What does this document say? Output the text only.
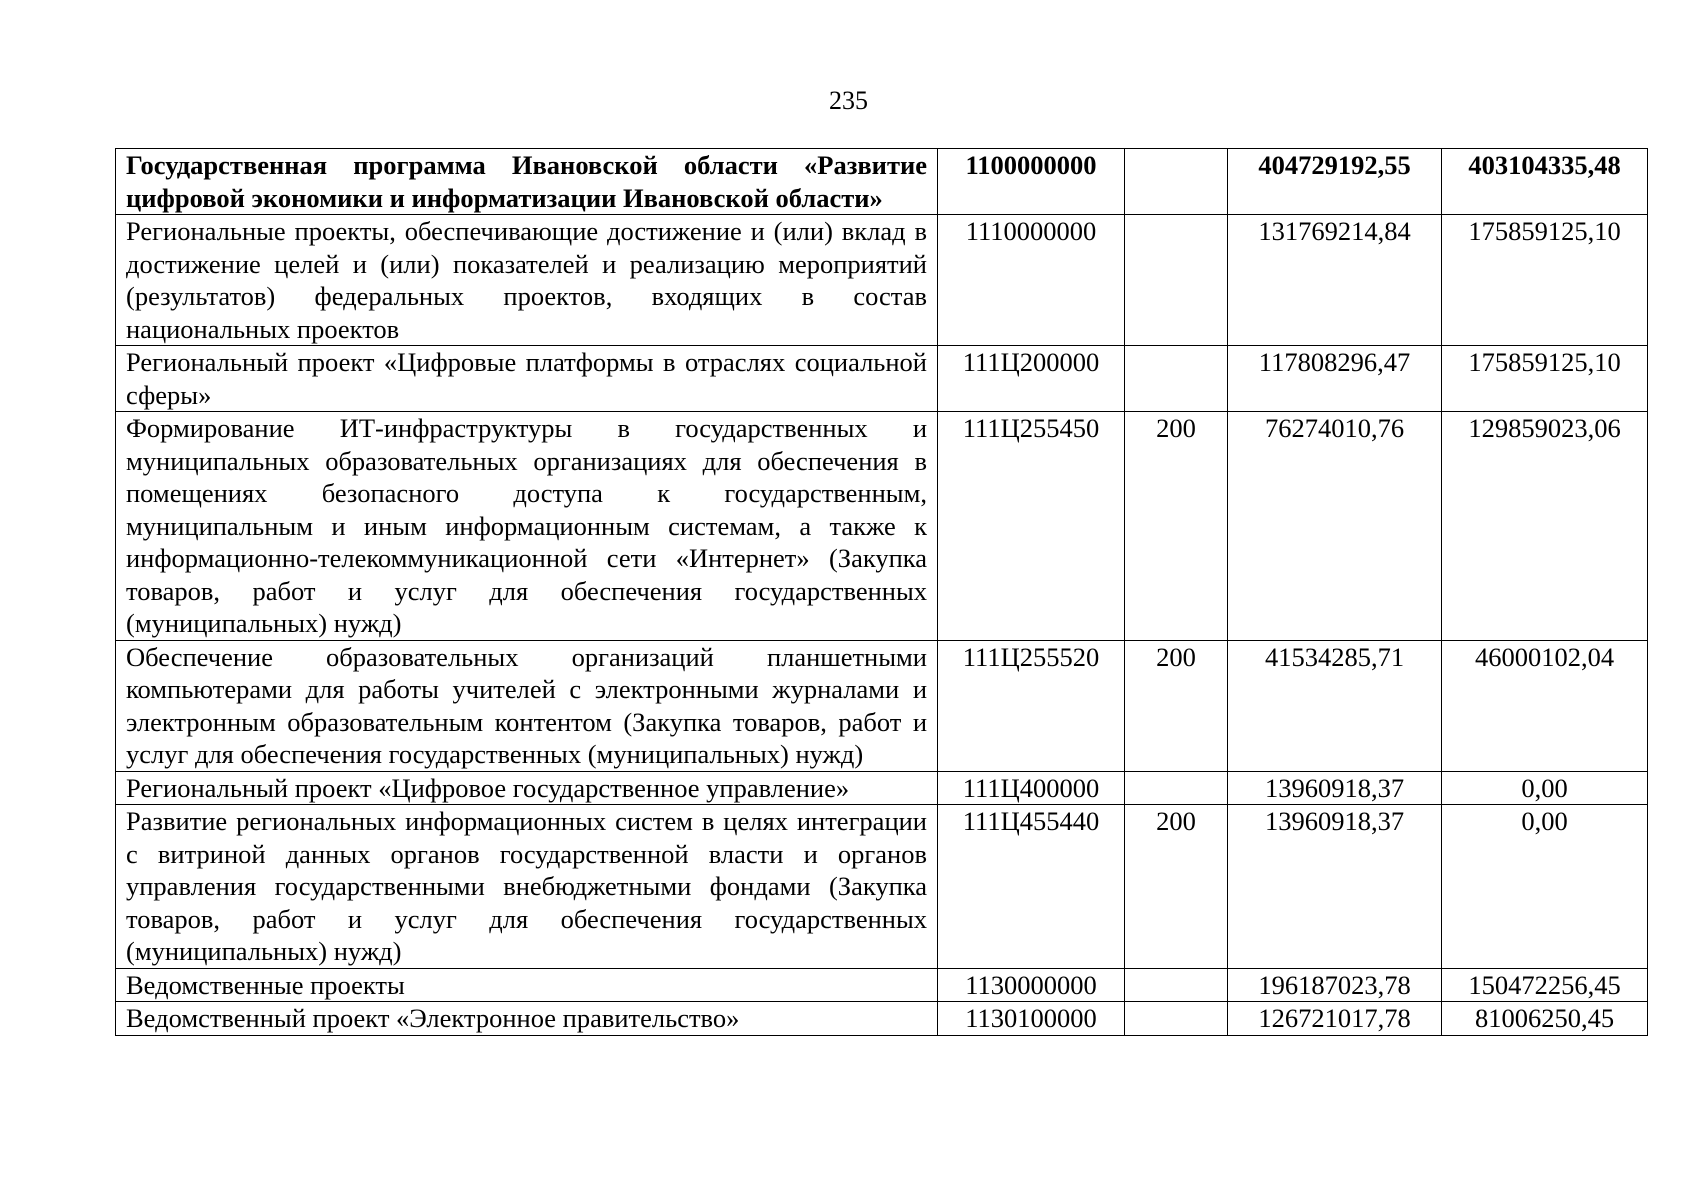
235
Государственная программа Ивановской области «Развитие цифровой экономики и информатизации Ивановской области»	1100000000		404729192,55	403104335,48
Региональные проекты, обеспечивающие достижение и (или) вклад в достижение целей и (или) показателей и реализацию мероприятий (результатов) федеральных проектов, входящих в состав национальных проектов	1110000000		131769214,84	175859125,10
Региональный проект «Цифровые платформы в отраслях социальной сферы»	111Ц200000		117808296,47	175859125,10
Формирование ИТ-инфраструктуры в государственных и муниципальных образовательных организациях для обеспечения в помещениях безопасного доступа к государственным, муниципальным и иным информационным системам, а также к информационно-телекоммуникационной сети «Интернет» (Закупка товаров, работ и услуг для обеспечения государственных (муниципальных) нужд)	111Ц255450	200	76274010,76	129859023,06
Обеспечение образовательных организаций планшетными компьютерами для работы учителей с электронными журналами и электронным образовательным контентом (Закупка товаров, работ и услуг для обеспечения государственных (муниципальных) нужд)	111Ц255520	200	41534285,71	46000102,04
Региональный проект «Цифровое государственное управление»	111Ц400000		13960918,37	0,00
Развитие региональных информационных систем в целях интеграции с витриной данных органов государственной власти и органов управления государственными внебюджетными фондами (Закупка товаров, работ и услуг для обеспечения государственных (муниципальных) нужд)	111Ц455440	200	13960918,37	0,00
Ведомственные проекты	1130000000		196187023,78	150472256,45
Ведомственный проект «Электронное правительство»	1130100000		126721017,78	81006250,45
